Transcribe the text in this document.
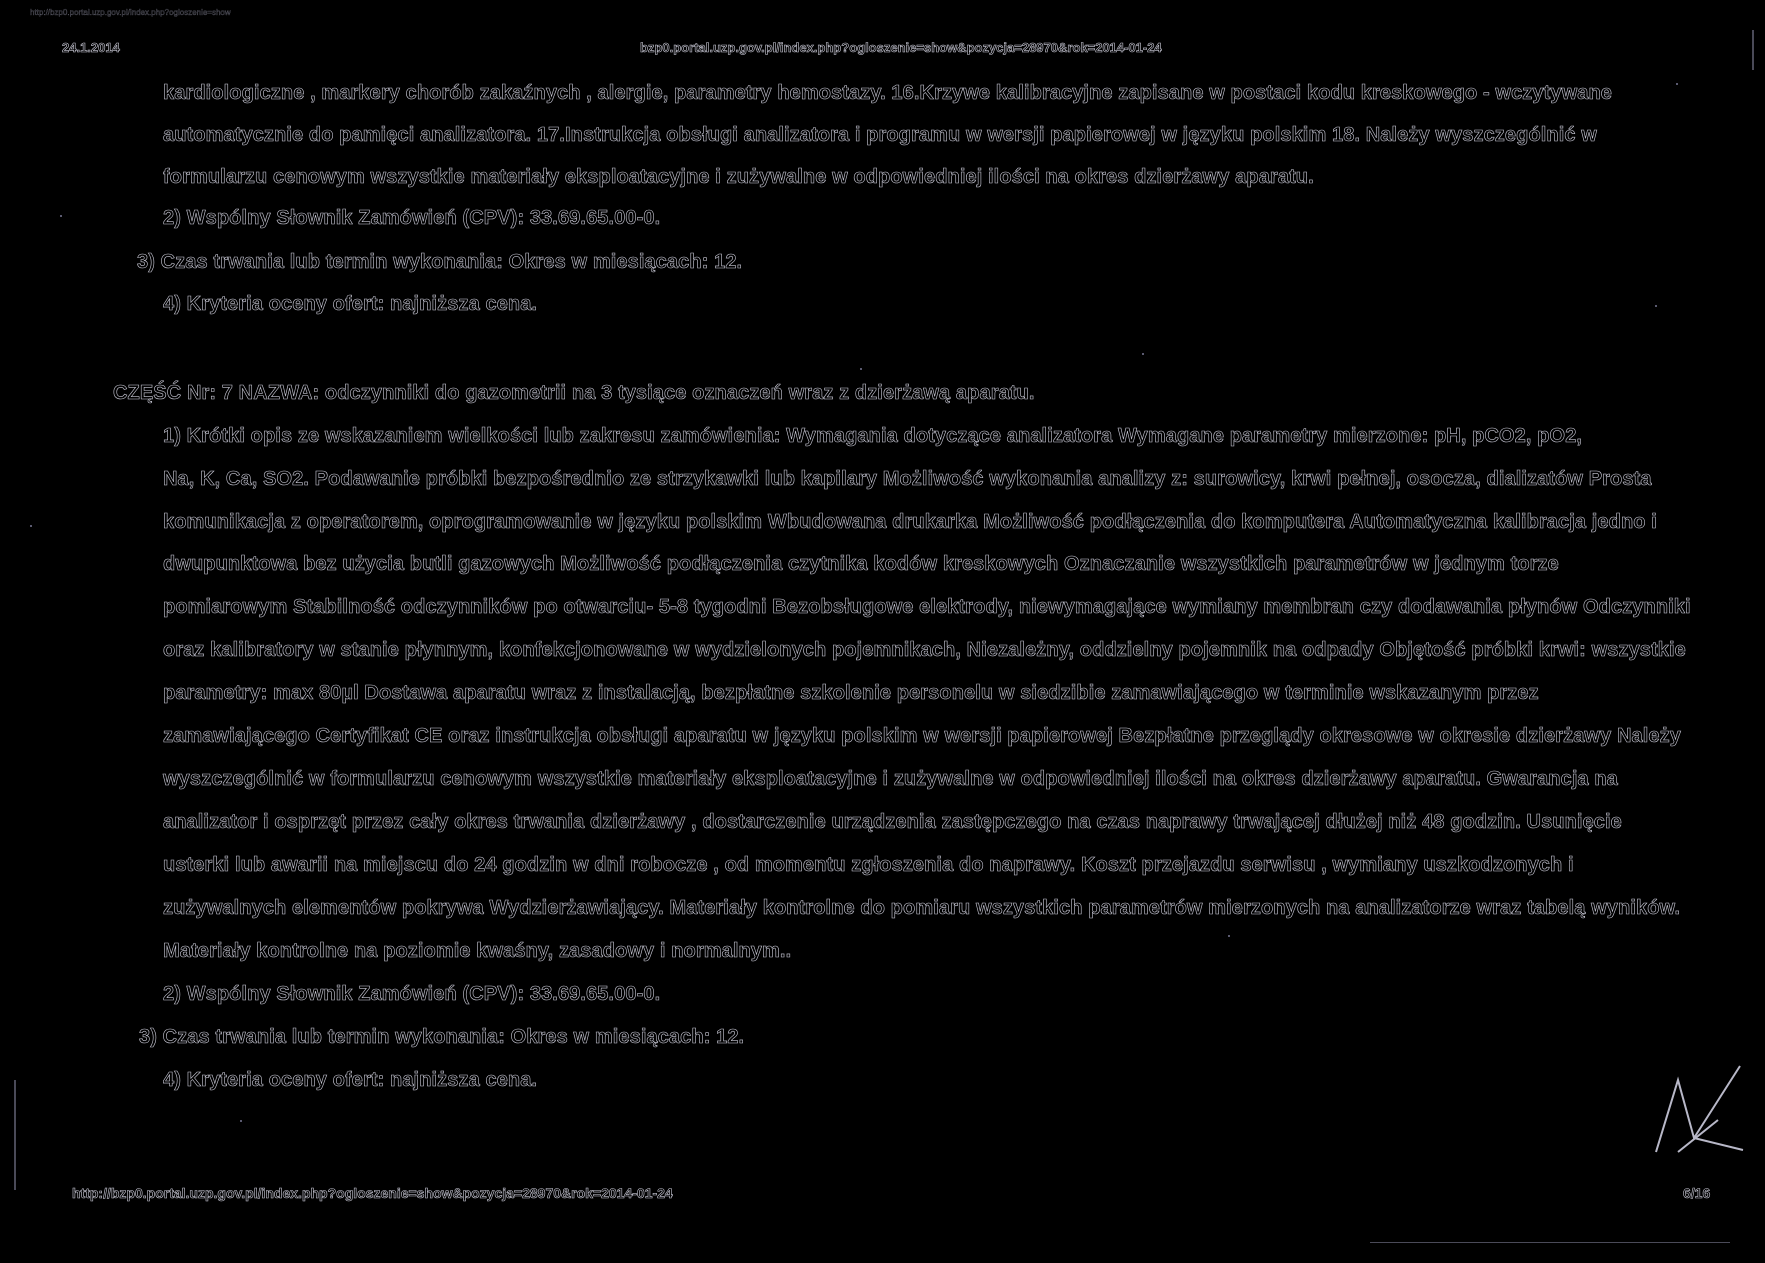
http://bzp0.portal.uzp.gov.pl/index.php?ogloszenie=show
24.1.2014	bzp0.portal.uzp.gov.pl/index.php?ogloszenie=show&pozycja=28970&rok=2014-01-24
kardiologiczne , markery chorób zakaźnych , alergie, parametry hemostazy. 16.Krzywe kalibracyjne zapisane w postaci kodu kreskowego - wczytywane
automatycznie do pamięci analizatora. 17.Instrukcja obsługi analizatora i programu w wersji papierowej w języku polskim 18. Należy wyszczególnić w
formularzu cenowym wszystkie materiały eksploatacyjne i zużywalne w odpowiedniej ilości na okres dzierżawy aparatu.
2) Wspólny Słownik Zamówień (CPV): 33.69.65.00-0.
3) Czas trwania lub termin wykonania: Okres w miesiącach: 12.
4) Kryteria oceny ofert: najniższa cena.
CZĘŚĆ Nr: 7 NAZWA: odczynniki do gazometrii na 3 tysiące oznaczeń wraz z dzierżawą aparatu.
1) Krótki opis ze wskazaniem wielkości lub zakresu zamówienia: Wymagania dotyczące analizatora Wymagane parametry mierzone: pH, pCO2, pO2,
Na, K, Ca, SO2. Podawanie próbki bezpośrednio ze strzykawki lub kapilary Możliwość wykonania analizy z: surowicy, krwi pełnej, osocza, dializatów Prosta
komunikacja z operatorem, oprogramowanie w języku polskim Wbudowana drukarka Możliwość podłączenia do komputera Automatyczna kalibracja jedno i
dwupunktowa bez użycia butli gazowych Możliwość podłączenia czytnika kodów kreskowych Oznaczanie wszystkich parametrów w jednym torze
pomiarowym Stabilność odczynników po otwarciu- 5-8 tygodni Bezobsługowe elektrody, niewymagające wymiany membran czy dodawania płynów Odczynniki
oraz kalibratory w stanie płynnym, konfekcjonowane w wydzielonych pojemnikach, Niezależny, oddzielny pojemnik na odpady Objętość próbki krwi: wszystkie
parametry: max 80µl Dostawa aparatu wraz z instalacją, bezpłatne szkolenie personelu w siedzibie zamawiającego w terminie wskazanym przez
zamawiającego Certyfikat CE oraz instrukcja obsługi aparatu w języku polskim w wersji papierowej Bezpłatne przeglądy okresowe w okresie dzierżawy Należy
wyszczególnić w formularzu cenowym wszystkie materiały eksploatacyjne i zużywalne w odpowiedniej ilości na okres dzierżawy aparatu. Gwarancja na
analizator i osprzęt przez cały okres trwania dzierżawy , dostarczenie urządzenia zastępczego na czas naprawy trwającej dłużej niż 48 godzin. Usunięcie
usterki lub awarii na miejscu do 24 godzin w dni robocze , od momentu zgłoszenia do naprawy. Koszt przejazdu serwisu , wymiany uszkodzonych i
zużywalnych elementów pokrywa Wydzierżawiający. Materiały kontrolne do pomiaru wszystkich parametrów mierzonych na analizatorze wraz tabelą wyników.
Materiały kontrolne na poziomie kwaśny, zasadowy i normalnym..
2) Wspólny Słownik Zamówień (CPV): 33.69.65.00-0.
3) Czas trwania lub termin wykonania: Okres w miesiącach: 12.
4) Kryteria oceny ofert: najniższa cena.
http://bzp0.portal.uzp.gov.pl/index.php?ogloszenie=show&pozycja=28970&rok=2014-01-24	6/16
